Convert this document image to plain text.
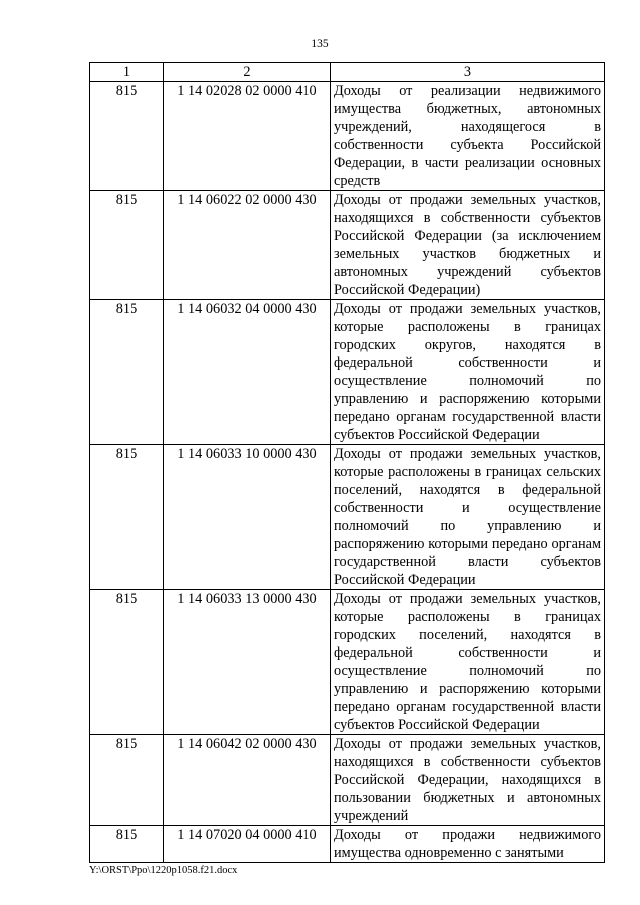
135
1	2	3
815	1 14 02028 02 0000 410	Доходы от реализации недвижимого имущества бюджетных, автономных учреждений, находящегося в собственности субъекта Российской Федерации, в части реализации основных средств
815	1 14 06022 02 0000 430	Доходы от продажи земельных участков, находящихся в собственности субъектов Российской Федерации (за исключением земельных участков бюджетных и автономных учреждений субъектов Российской Федерации)
815	1 14 06032 04 0000 430	Доходы от продажи земельных участков, которые расположены в границах городских округов, находятся в федеральной собственности и осуществление полномочий по управлению и распоряжению которыми передано органам государственной власти субъектов Российской Федерации
815	1 14 06033 10 0000 430	Доходы от продажи земельных участков, которые расположены в границах сельских поселений, находятся в федеральной собственности и осуществление полномочий по управлению и распоряжению которыми передано органам государственной власти субъектов Российской Федерации
815	1 14 06033 13 0000 430	Доходы от продажи земельных участков, которые расположены в границах городских поселений, находятся в федеральной собственности и осуществление полномочий по управлению и распоряжению которыми передано органам государственной власти субъектов Российской Федерации
815	1 14 06042 02 0000 430	Доходы от продажи земельных участков, находящихся в собственности субъектов Российской Федерации, находящихся в пользовании бюджетных и автономных учреждений
815	1 14 07020 04 0000 410	Доходы от продажи недвижимого имущества одновременно с занятыми
Y:\ORST\Ppo\1220p1058.f21.docx
